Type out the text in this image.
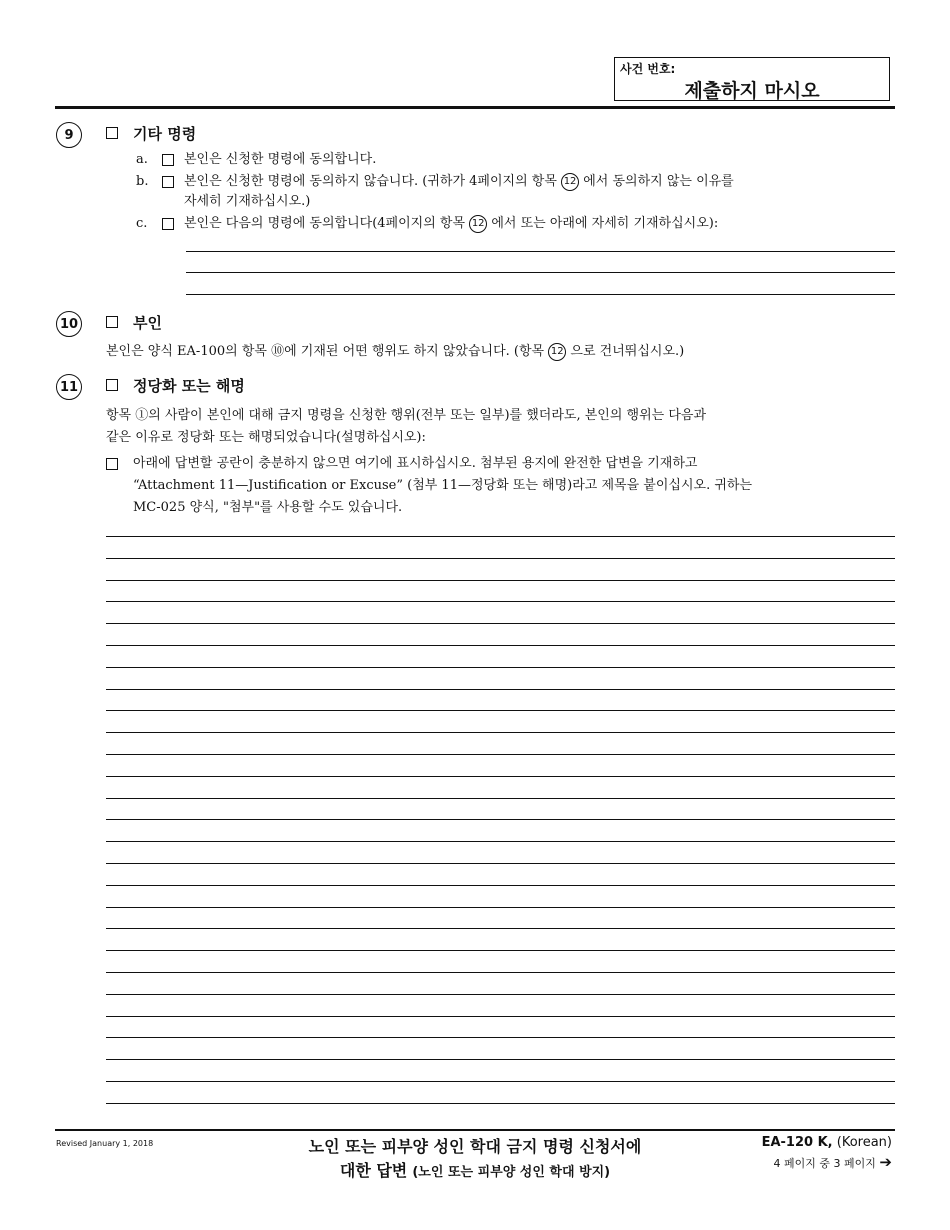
사건 번호:
제출하지 마시오
9	기타 명령
a.	본인은 신청한 명령에 동의합니다.
b.	본인은 신청한 명령에 동의하지 않습니다. (귀하가 4페이지의 항목 12 에서 동의하지 않는 이유를
자세히 기재하십시오.)
c.	본인은 다음의 명령에 동의합니다(4페이지의 항목 12 에서 또는 아래에 자세히 기재하십시오):
10	부인
본인은 양식 EA-100의 항목 ⑩에 기재된 어떤 행위도 하지 않았습니다. (항목 12 으로 건너뛰십시오.)
11	정당화 또는 해명
항목 ①의 사람이 본인에 대해 금지 명령을 신청한 행위(전부 또는 일부)를 했더라도, 본인의 행위는 다음과
같은 이유로 정당화 또는 해명되었습니다(설명하십시오):
아래에 답변할 공란이 충분하지 않으면 여기에 표시하십시오. 첨부된 용지에 완전한 답변을 기재하고
“Attachment 11—Justification or Excuse” (첨부 11—정당화 또는 해명)라고 제목을 붙이십시오. 귀하는
MC-025 양식, "첨부"를 사용할 수도 있습니다.
Revised January 1, 2018	노인 또는 피부양 성인 학대 금지 명령 신청서에
대한 답변 (노인 또는 피부양 성인 학대 방지)
EA-120 K, (Korean)
4 페이지 중 3 페이지 ➔
